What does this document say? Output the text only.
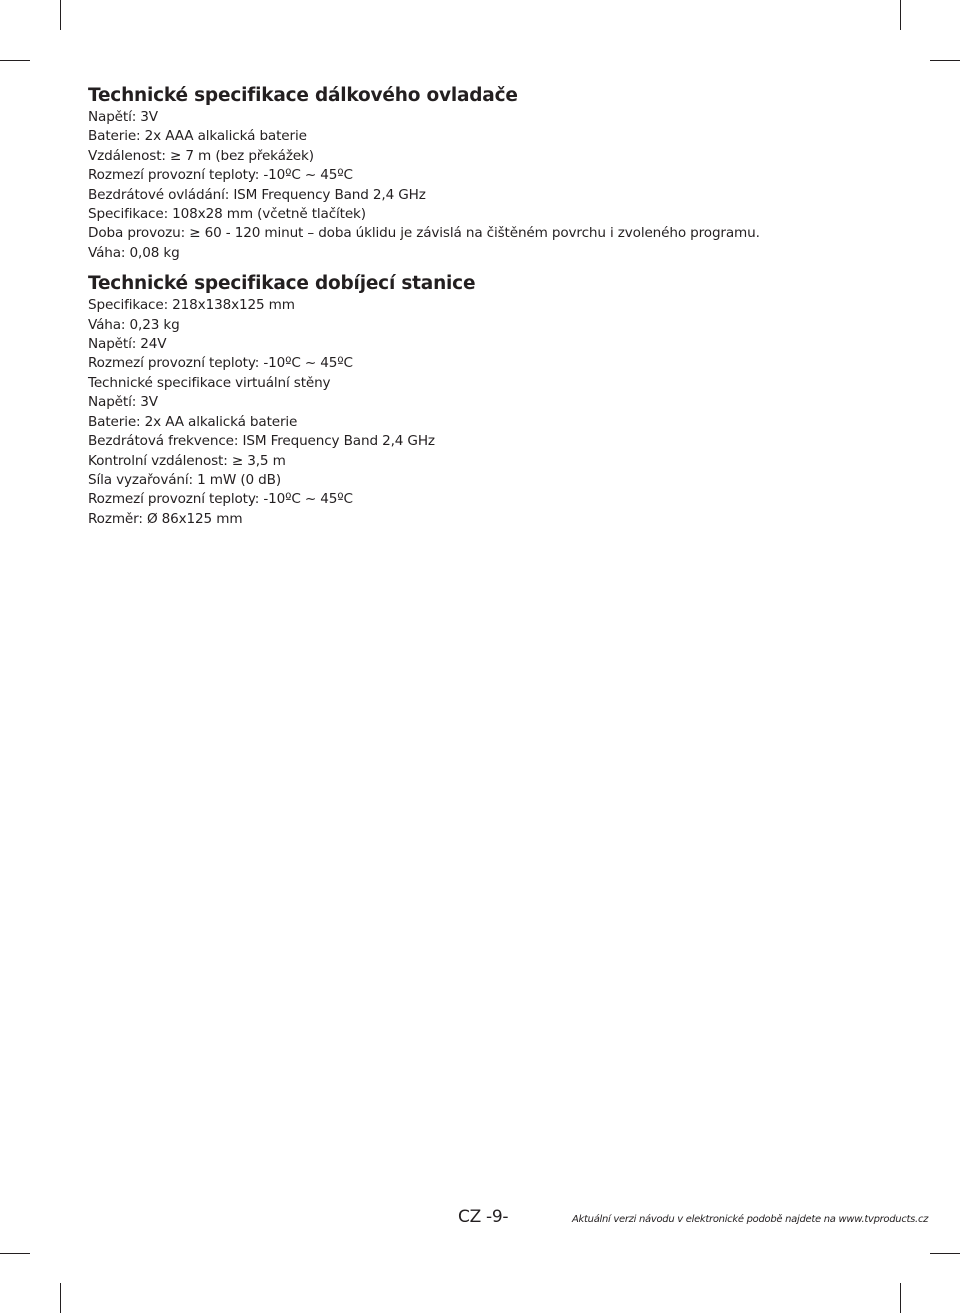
Technické specifikace dálkového ovladače
Napětí: 3V
Baterie: 2x AAA alkalická baterie
Vzdálenost: ≥ 7 m (bez překážek)
Rozmezí provozní teploty: -10ºC ~ 45ºC
Bezdrátové ovládání: ISM Frequency Band 2,4 GHz
Specifikace: 108x28 mm (včetně tlačítek)
Doba provozu: ≥ 60 - 120 minut – doba úklidu je závislá na čištěném povrchu i zvoleného programu.
Váha: 0,08 kg
Technické specifikace dobíjecí stanice
Specifikace: 218x138x125 mm
Váha: 0,23 kg
Napětí: 24V
Rozmezí provozní teploty: -10ºC ~ 45ºC
Technické specifikace virtuální stěny
Napětí: 3V
Baterie: 2x AA alkalická baterie
Bezdrátová frekvence: ISM Frequency Band 2,4 GHz
Kontrolní vzdálenost: ≥ 3,5 m
Síla vyzařování: 1 mW (0 dB)
Rozmezí provozní teploty: -10ºC ~ 45ºC
Rozměr: Ø 86x125 mm
CZ -9-	Aktuální verzi návodu v elektronické podobě najdete na www.tvproducts.cz
